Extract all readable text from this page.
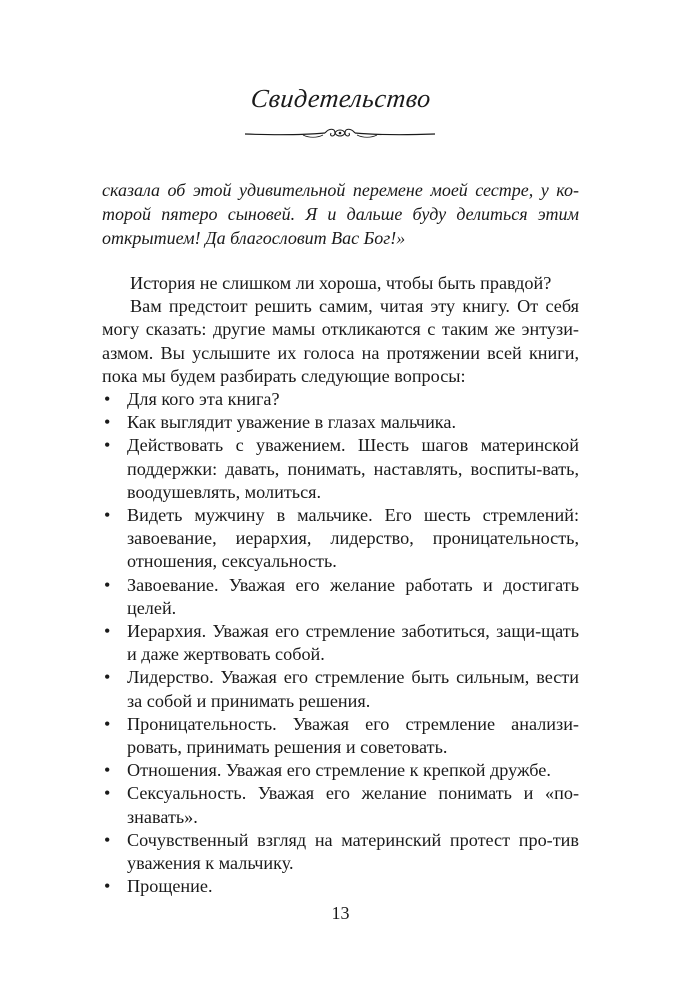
Свидетельство

сказала об этой удивительной перемене моей сестре, у ко-

торой пятеро сыновей. Я и дальше буду делиться этим

открытием! Да благословит Вас Бог!»

История не слишком ли хороша, чтобы быть правдой?

Вам предстоит решить самим, читая эту книгу. От себя могу сказать: другие мамы откликаются с таким же энтузи-азмом. Вы услышите их голоса на протяжении всей книги, пока мы будем разбирать следующие вопросы:

• Для кого эта книга?
• Как выглядит уважение в глазах мальчика.
• Действовать с уважением. Шесть шагов материнской поддержки: давать, понимать, наставлять, воспиты-вать, воодушевлять, молиться.
• Видеть мужчину в мальчике. Его шесть стремлений: завоевание, иерархия, лидерство, проницательность, отношения, сексуальность.
• Завоевание. Уважая его желание работать и достигать целей.
• Иерархия. Уважая его стремление заботиться, защи-щать и даже жертвовать собой.
• Лидерство. Уважая его стремление быть сильным, вести за собой и принимать решения.
• Проницательность. Уважая его стремление анализи-ровать, принимать решения и советовать.
• Отношения. Уважая его стремление к крепкой дружбе.
• Сексуальность. Уважая его желание понимать и «по-знавать».
• Сочувственный взгляд на материнский протест про-тив уважения к мальчику.
• Прощение.
13
